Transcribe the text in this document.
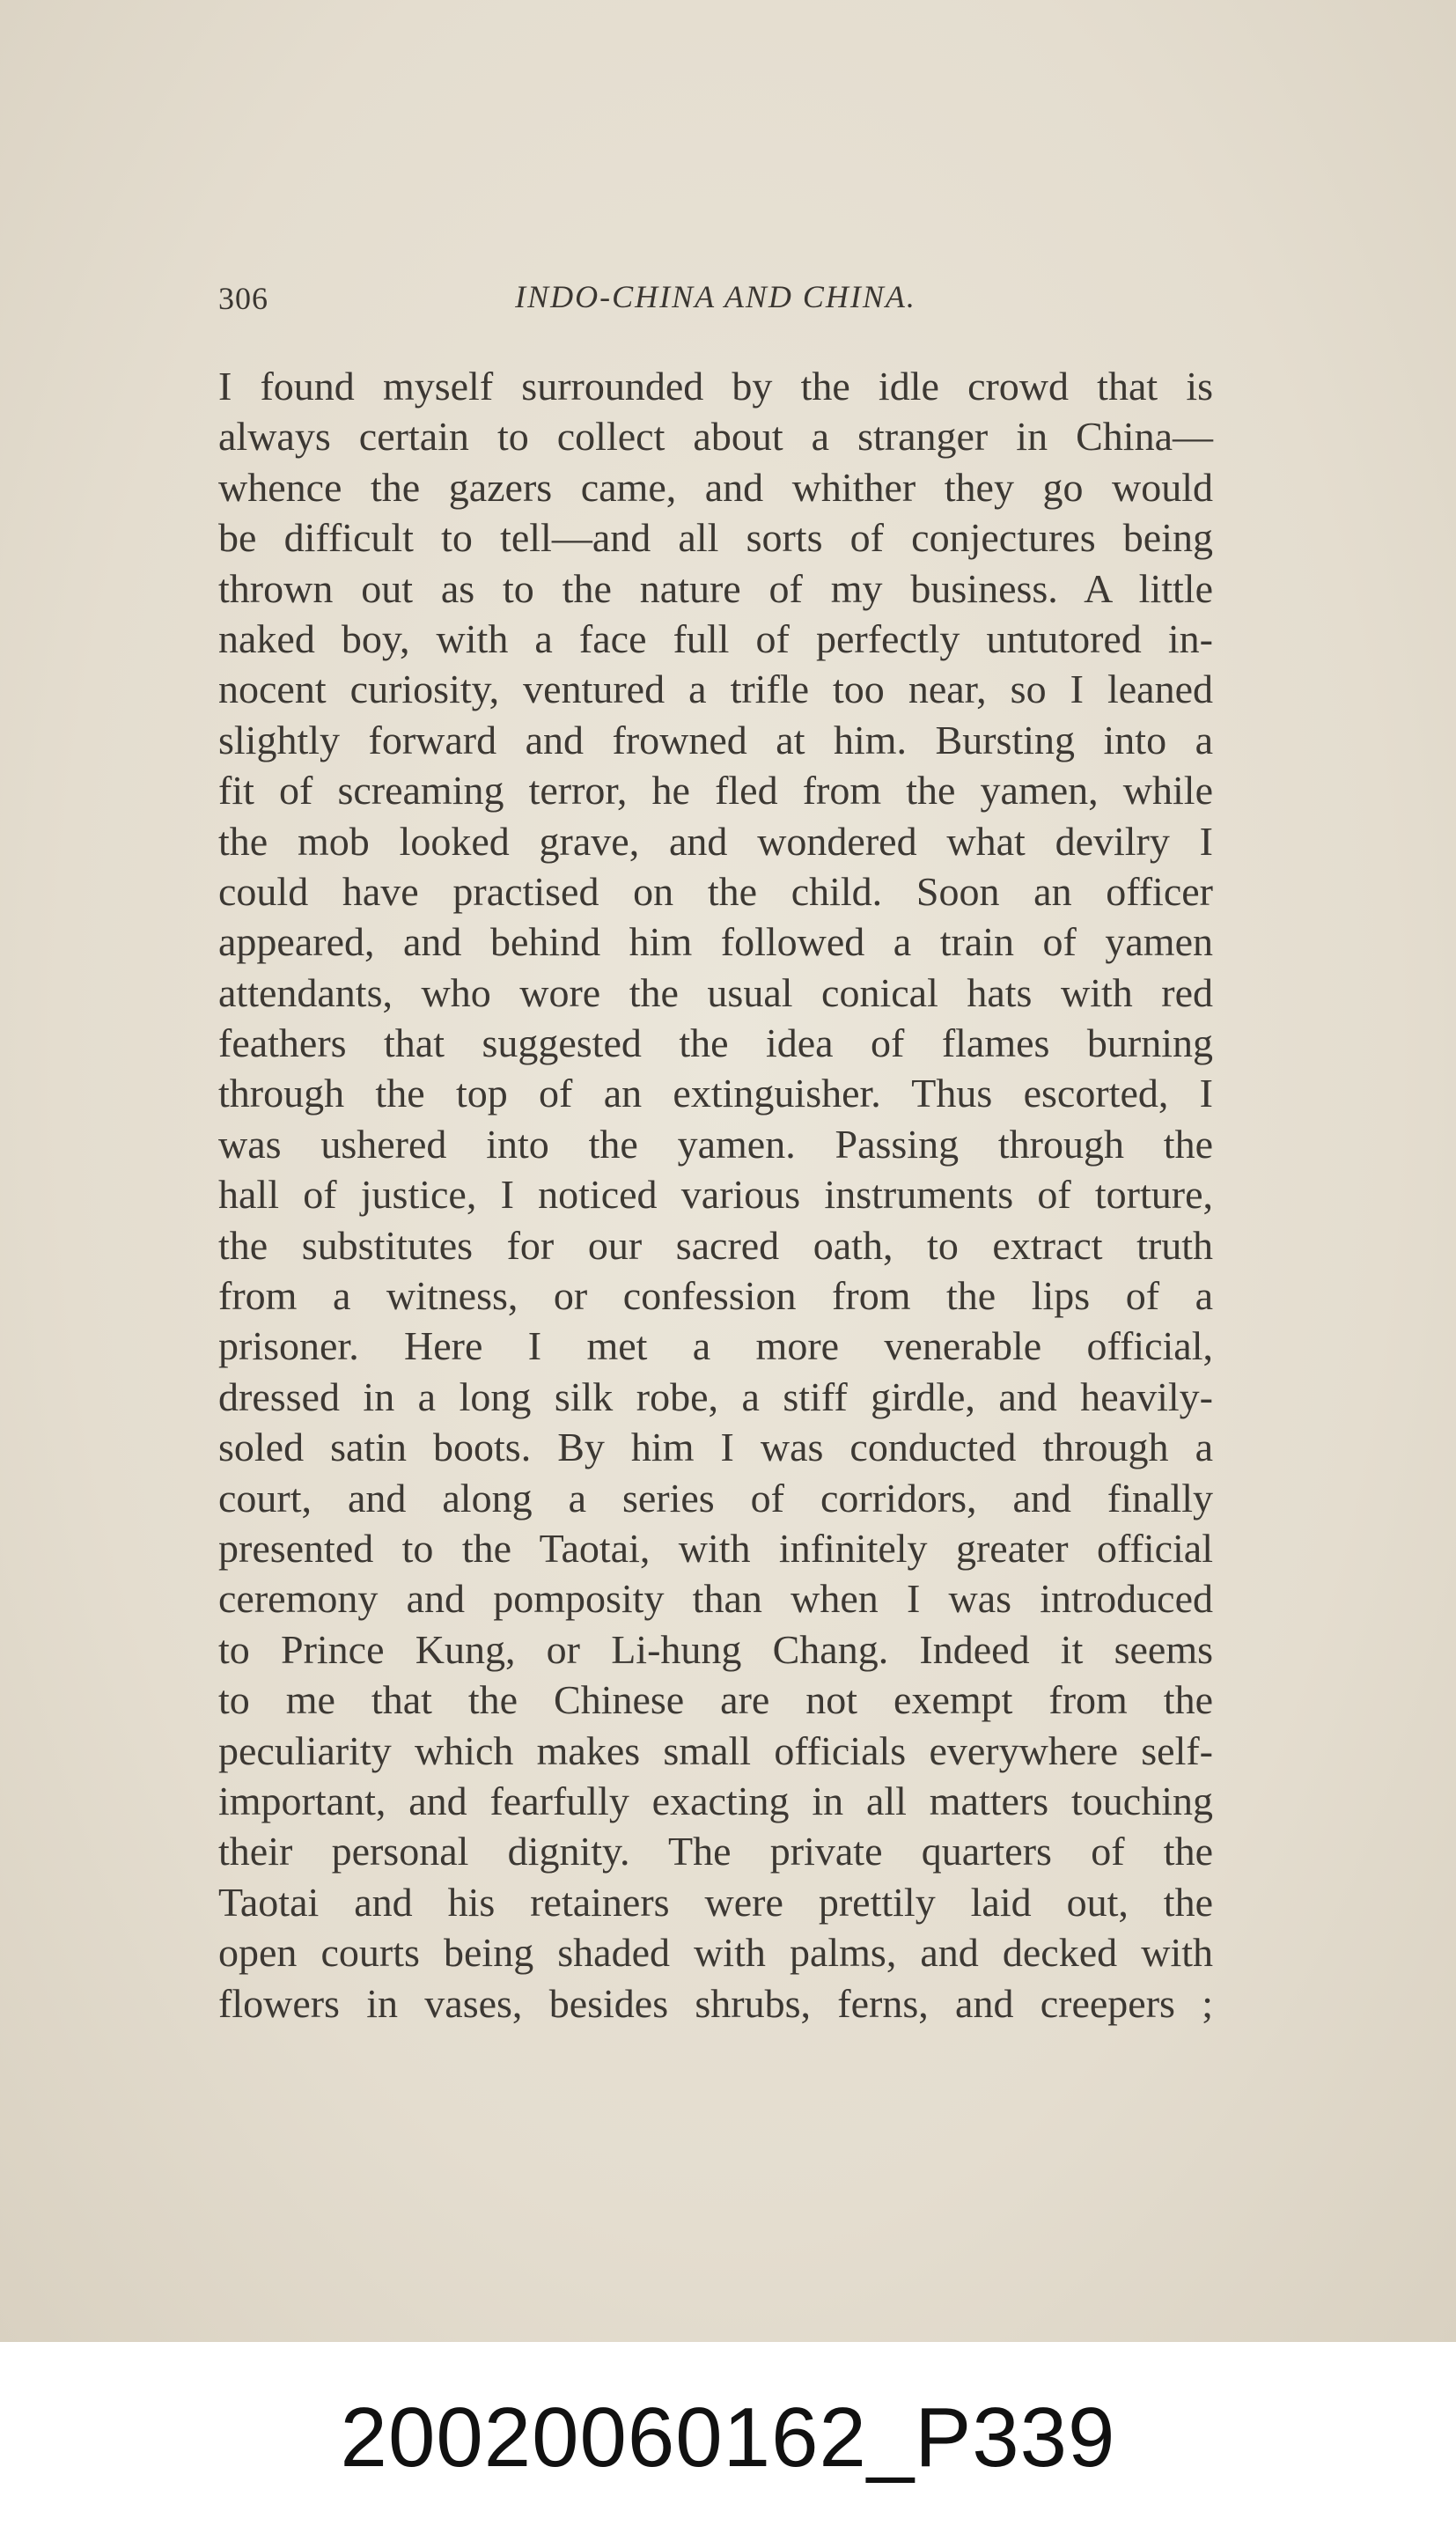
306	INDO-CHINA AND CHINA.
I found myself surrounded by the idle crowd that is
always certain to collect about a stranger in China—
whence the gazers came, and whither they go would
be difficult to tell—and all sorts of conjectures being
thrown out as to the nature of my business. A little
naked boy, with a face full of perfectly untutored in-
nocent curiosity, ventured a trifle too near, so I leaned
slightly forward and frowned at him. Bursting into a
fit of screaming terror, he fled from the yamen, while
the mob looked grave, and wondered what devilry I
could have practised on the child. Soon an officer
appeared, and behind him followed a train of yamen
attendants, who wore the usual conical hats with red
feathers that suggested the idea of flames burning
through the top of an extinguisher. Thus escorted, I
was ushered into the yamen. Passing through the
hall of justice, I noticed various instruments of torture,
the substitutes for our sacred oath, to extract truth
from a witness, or confession from the lips of a
prisoner. Here I met a more venerable official,
dressed in a long silk robe, a stiff girdle, and heavily-
soled satin boots. By him I was conducted through a
court, and along a series of corridors, and finally
presented to the Taotai, with infinitely greater official
ceremony and pomposity than when I was introduced
to Prince Kung, or Li-hung Chang. Indeed it seems
to me that the Chinese are not exempt from the
peculiarity which makes small officials everywhere self-
important, and fearfully exacting in all matters touching
their personal dignity. The private quarters of the
Taotai and his retainers were prettily laid out, the
open courts being shaded with palms, and decked with
flowers in vases, besides shrubs, ferns, and creepers ;
20020060162_P339
